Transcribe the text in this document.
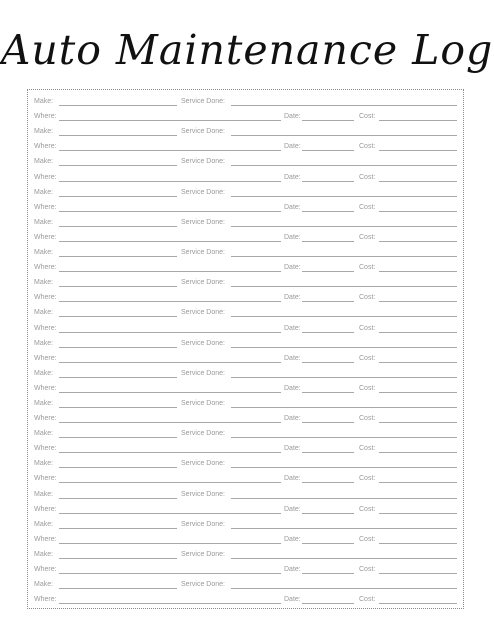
Auto Maintenance Log
Make:	Service Done:
Where:	Date:	Cost:
Make:	Service Done:
Where:	Date:	Cost:
Make:	Service Done:
Where:	Date:	Cost:
Make:	Service Done:
Where:	Date:	Cost:
Make:	Service Done:
Where:	Date:	Cost:
Make:	Service Done:
Where:	Date:	Cost:
Make:	Service Done:
Where:	Date:	Cost:
Make:	Service Done:
Where:	Date:	Cost:
Make:	Service Done:
Where:	Date:	Cost:
Make:	Service Done:
Where:	Date:	Cost:
Make:	Service Done:
Where:	Date:	Cost:
Make:	Service Done:
Where:	Date:	Cost:
Make:	Service Done:
Where:	Date:	Cost:
Make:	Service Done:
Where:	Date:	Cost:
Make:	Service Done:
Where:	Date:	Cost:
Make:	Service Done:
Where:	Date:	Cost:
Make:	Service Done:
Where:	Date:	Cost:
